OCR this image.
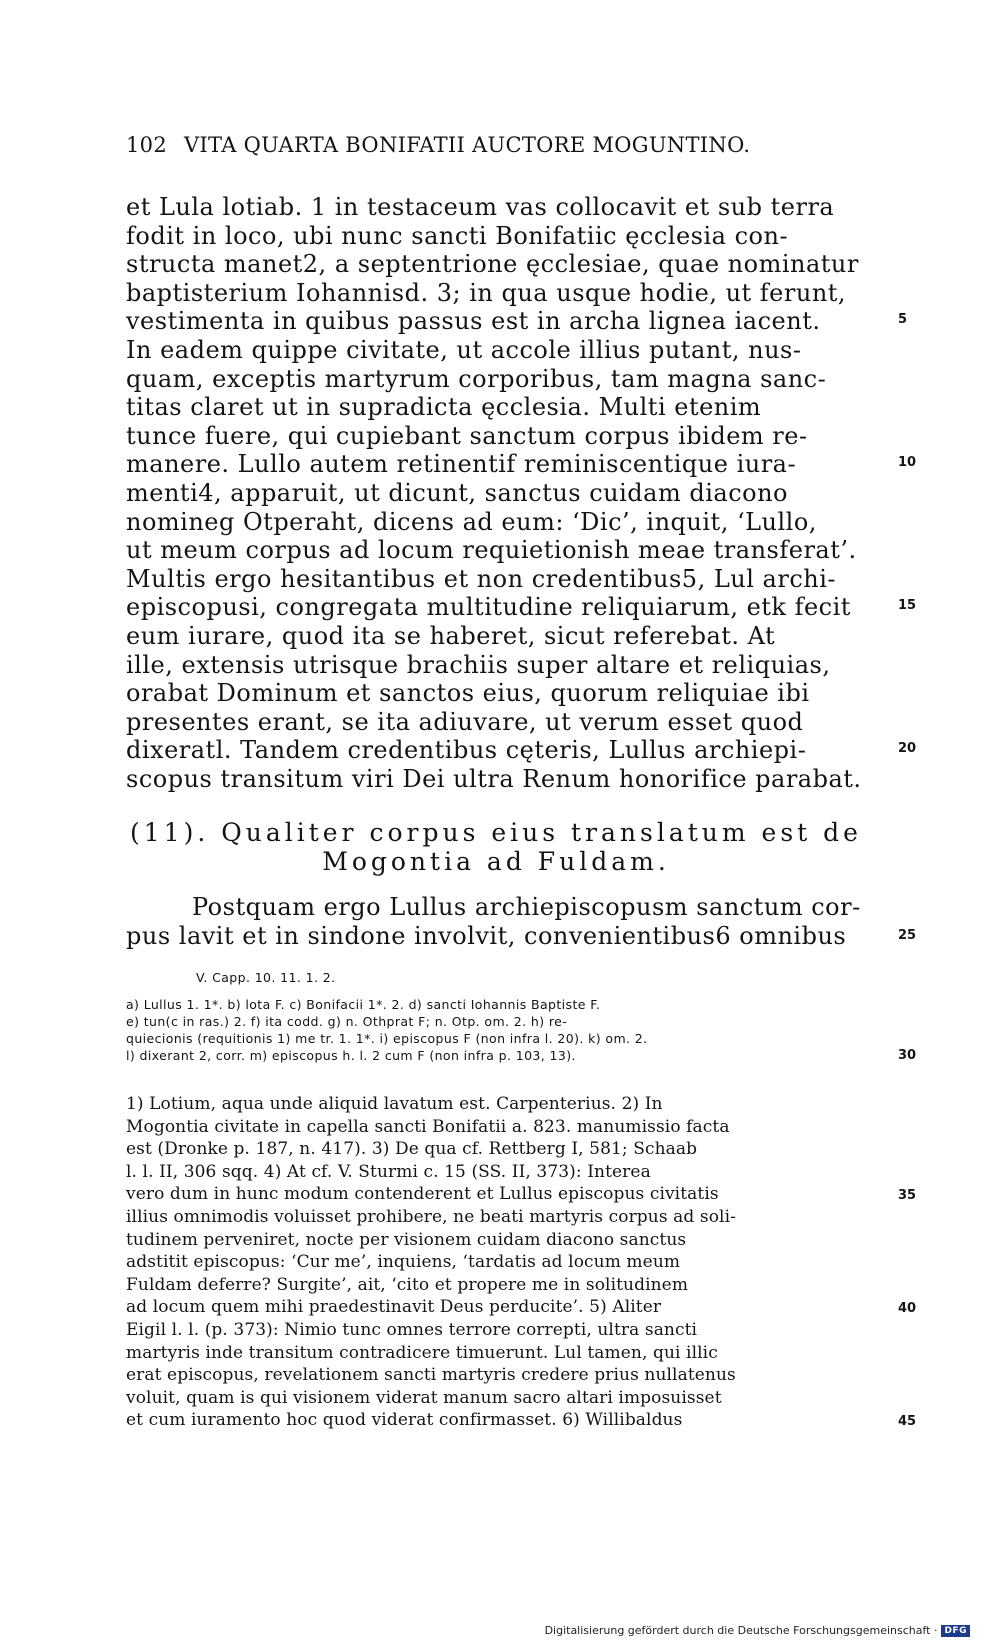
102 VITA QUARTA BONIFATII AUCTORE MOGUNTINO.
et Lula lotiab. 1 in testaceum vas collocavit et sub terra
fodit in loco, ubi nunc sancti Bonifatiic ęcclesia con-
structa manet2, a septentrione ęcclesiae, quae nominatur
baptisterium Iohannisd. 3; in qua usque hodie, ut ferunt,
vestimenta in quibus passus est in archa lignea iacent.
In eadem quippe civitate, ut accole illius putant, nus-
quam, exceptis martyrum corporibus, tam magna sanc-
titas claret ut in supradicta ęcclesia. Multi etenim
tunce fuere, qui cupiebant sanctum corpus ibidem re-
manere. Lullo autem retinentif reminiscentique iura-
menti4, apparuit, ut dicunt, sanctus cuidam diacono
nomineg Otperaht, dicens ad eum: ‘Dic’, inquit, ‘Lullo,
ut meum corpus ad locum requietionish meae transferat’.
Multis ergo hesitantibus et non credentibus5, Lul archi-
episcopusi, congregata multitudine reliquiarum, etk fecit
eum iurare, quod ita se haberet, sicut referebat. At
ille, extensis utrisque brachiis super altare et reliquias,
orabat Dominum et sanctos eius, quorum reliquiae ibi
presentes erant, se ita adiuvare, ut verum esset quod
dixeratl. Tandem credentibus cęteris, Lullus archiepi-
scopus transitum viri Dei ultra Renum honorifice parabat.
5
10
15
20
(11). Qualiter corpus eius translatum est de
Mogontia ad Fuldam.
Postquam ergo Lullus archiepiscopusm sanctum cor-
pus lavit et in sindone involvit, convenientibus6 omnibus	25
V. Capp. 10. 11. 1. 2.
a) Lullus 1. 1*. b) lota F. c) Bonifacii 1*. 2. d) sancti Iohannis Baptiste F.
e) tun(c in ras.) 2. f) ita codd. g) n. Othprat F; n. Otp. om. 2. h) re-
quiecionis (requitionis 1) me tr. 1. 1*. i) episcopus F (non infra l. 20). k) om. 2.
l) dixerant 2, corr. m) episcopus h. l. 2 cum F (non infra p. 103, 13).	30
1) Lotium, aqua unde aliquid lavatum est. Carpenterius. 2) In
Mogontia civitate in capella sancti Bonifatii a. 823. manumissio facta
est (Dronke p. 187, n. 417). 3) De qua cf. Rettberg I, 581; Schaab
l. l. II, 306 sqq. 4) At cf. V. Sturmi c. 15 (SS. II, 373): Interea
vero dum in hunc modum contenderent et Lullus episcopus civitatis
illius omnimodis voluisset prohibere, ne beati martyris corpus ad soli-
tudinem perveniret, nocte per visionem cuidam diacono sanctus
adstitit episcopus: ‘Cur me’, inquiens, ‘tardatis ad locum meum
Fuldam deferre? Surgite’, ait, ‘cito et propere me in solitudinem
ad locum quem mihi praedestinavit Deus perducite’. 5) Aliter
Eigil l. l. (p. 373): Nimio tunc omnes terrore correpti, ultra sancti
martyris inde transitum contradicere timuerunt. Lul tamen, qui illic
erat episcopus, revelationem sancti martyris credere prius nullatenus
voluit, quam is qui visionem viderat manum sacro altari imposuisset
et cum iuramento hoc quod viderat confirmasset. 6) Willibaldus
35
40
45
Digitalisierung gefördert durch die Deutsche Forschungsgemeinschaft · DFG
